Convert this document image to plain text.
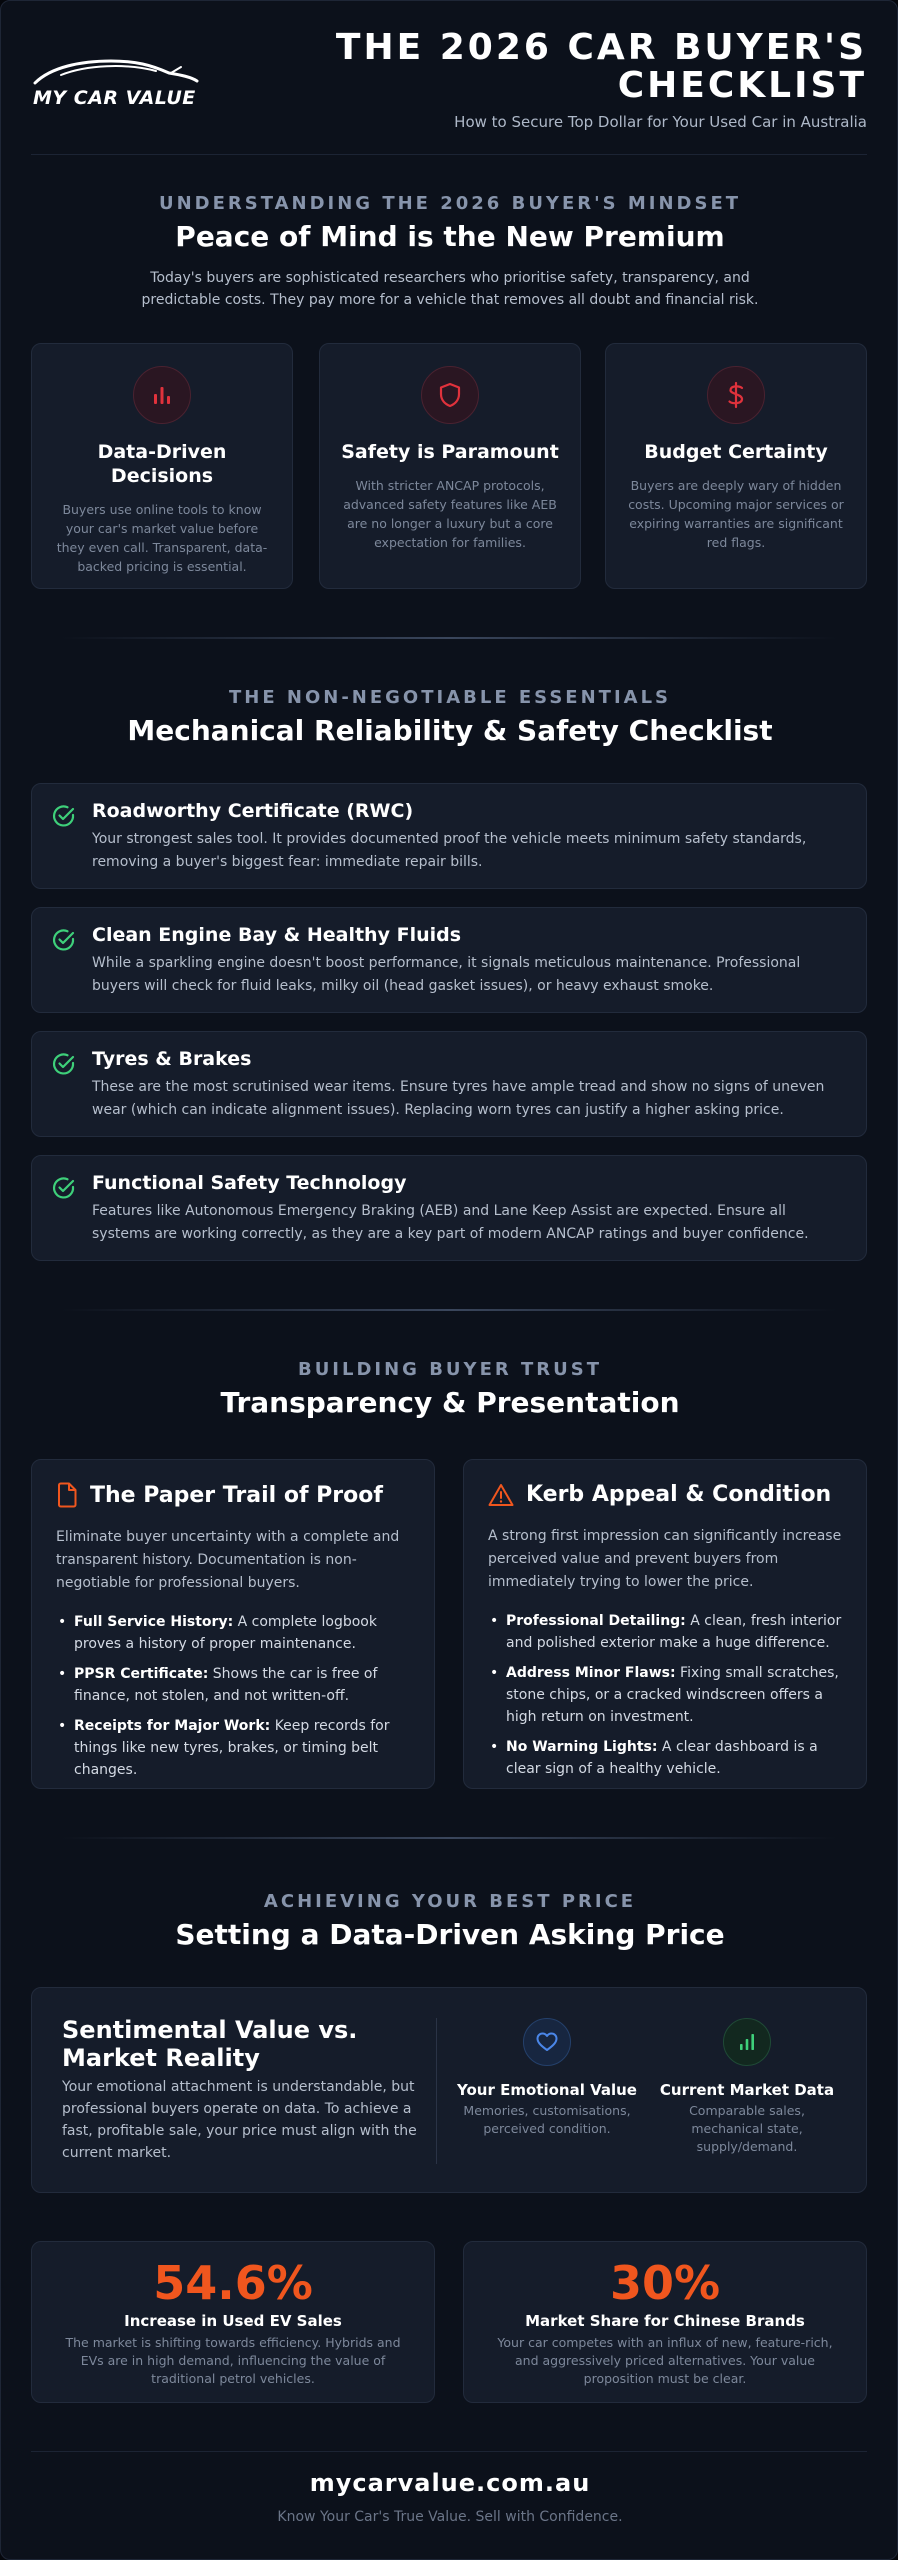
MY CAR VALUE
THE 2026 CAR BUYER'S
CHECKLIST
How to Secure Top Dollar for Your Used Car in Australia
UNDERSTANDING THE 2026 BUYER'S MINDSET
Peace of Mind is the New Premium
Today's buyers are sophisticated researchers who prioritise safety, transparency, and predictable costs. They pay more for a vehicle that removes all doubt and financial risk.
Data-Driven Decisions
Buyers use online tools to know your car's market value before they even call. Transparent, data-backed pricing is essential.
Safety is Paramount
With stricter ANCAP protocols, advanced safety features like AEB are no longer a luxury but a core expectation for families.
Budget Certainty
Buyers are deeply wary of hidden costs. Upcoming major services or expiring warranties are significant red flags.
THE NON-NEGOTIABLE ESSENTIALS
Mechanical Reliability & Safety Checklist
Roadworthy Certificate (RWC)
Your strongest sales tool. It provides documented proof the vehicle meets minimum safety standards, removing a buyer's biggest fear: immediate repair bills.
Clean Engine Bay & Healthy Fluids
While a sparkling engine doesn't boost performance, it signals meticulous maintenance. Professional buyers will check for fluid leaks, milky oil (head gasket issues), or heavy exhaust smoke.
Tyres & Brakes
These are the most scrutinised wear items. Ensure tyres have ample tread and show no signs of uneven wear (which can indicate alignment issues). Replacing worn tyres can justify a higher asking price.
Functional Safety Technology
Features like Autonomous Emergency Braking (AEB) and Lane Keep Assist are expected. Ensure all systems are working correctly, as they are a key part of modern ANCAP ratings and buyer confidence.
BUILDING BUYER TRUST
Transparency & Presentation
The Paper Trail of Proof
Eliminate buyer uncertainty with a complete and transparent history. Documentation is non-negotiable for professional buyers.
• Full Service History: A complete logbook proves a history of proper maintenance.
• PPSR Certificate: Shows the car is free of finance, not stolen, and not written-off.
• Receipts for Major Work: Keep records for things like new tyres, brakes, or timing belt changes.
Kerb Appeal & Condition
A strong first impression can significantly increase perceived value and prevent buyers from immediately trying to lower the price.
• Professional Detailing: A clean, fresh interior and polished exterior make a huge difference.
• Address Minor Flaws: Fixing small scratches, stone chips, or a cracked windscreen offers a high return on investment.
• No Warning Lights: A clear dashboard is a clear sign of a healthy vehicle.
ACHIEVING YOUR BEST PRICE
Setting a Data-Driven Asking Price
Sentimental Value vs. Market Reality
Your emotional attachment is understandable, but professional buyers operate on data. To achieve a fast, profitable sale, your price must align with the current market.
Your Emotional Value
Memories, customisations, perceived condition.
Current Market Data
Comparable sales, mechanical state, supply/demand.
54.6%
Increase in Used EV Sales
The market is shifting towards efficiency. Hybrids and EVs are in high demand, influencing the value of traditional petrol vehicles.
30%
Market Share for Chinese Brands
Your car competes with an influx of new, feature-rich, and aggressively priced alternatives. Your value proposition must be clear.
mycarvalue.com.au
Know Your Car's True Value. Sell with Confidence.
